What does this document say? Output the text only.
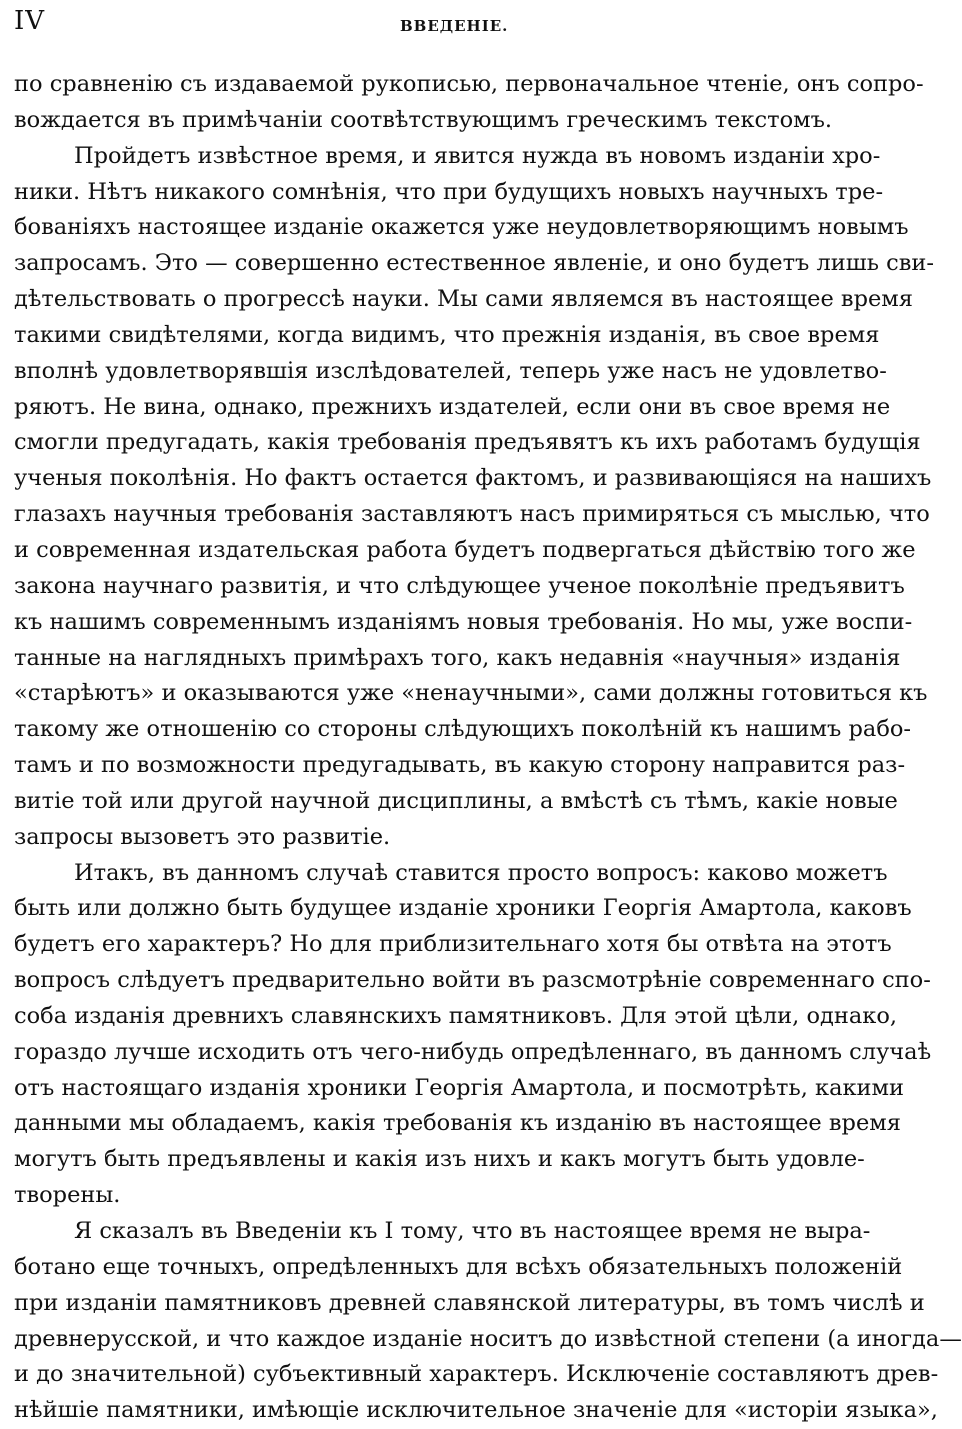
IV	ВВЕДЕНІЕ.
по сравненію съ издаваемой рукописью, первоначальное чтеніе, онъ сопро-
вождается въ примѣчаніи соотвѣтствующимъ греческимъ текстомъ.
Пройдетъ извѣстное время, и явится нужда въ новомъ изданіи хро-
ники. Нѣтъ никакого сомнѣнія, что при будущихъ новыхъ научныхъ тре-
бованіяхъ настоящее изданіе окажется уже неудовлетворяющимъ новымъ
запросамъ. Это — совершенно естественное явленіе, и оно будетъ лишь сви-
дѣтельствовать о прогрессѣ науки. Мы сами являемся въ настоящее время
такими свидѣтелями, когда видимъ, что прежнія изданія, въ свое время
вполнѣ удовлетворявшія изслѣдователей, теперь уже насъ не удовлетво-
ряютъ. Не вина, однако, прежнихъ издателей, если они въ свое время не
смогли предугадать, какія требованія предъявятъ къ ихъ работамъ будущія
ученыя поколѣнія. Но фактъ остается фактомъ, и развивающіяся на нашихъ
глазахъ научныя требованія заставляютъ насъ примиряться съ мыслью, что
и современная издательская работа будетъ подвергаться дѣйствію того же
закона научнаго развитія, и что слѣдующее ученое поколѣніе предъявитъ
къ нашимъ современнымъ изданіямъ новыя требованія. Но мы, уже воспи-
танные на наглядныхъ примѣрахъ того, какъ недавнія «научныя» изданія
«старѣютъ» и оказываются уже «ненаучными», сами должны готовиться къ
такому же отношенію со стороны слѣдующихъ поколѣній къ нашимъ рабо-
тамъ и по возможности предугадывать, въ какую сторону направится раз-
витіе той или другой научной дисциплины, а вмѣстѣ съ тѣмъ, какіе новые
запросы вызоветъ это развитіе.
Итакъ, въ данномъ случаѣ ставится просто вопросъ: каково можетъ
быть или должно быть будущее изданіе хроники Георгія Амартола, каковъ
будетъ его характеръ? Но для приблизительнаго хотя бы отвѣта на этотъ
вопросъ слѣдуетъ предварительно войти въ разсмотрѣніе современнаго спо-
соба изданія древнихъ славянскихъ памятниковъ. Для этой цѣли, однако,
гораздо лучше исходить отъ чего-нибудь опредѣленнаго, въ данномъ случаѣ
отъ настоящаго изданія хроники Георгія Амартола, и посмотрѣть, какими
данными мы обладаемъ, какія требованія къ изданію въ настоящее время
могутъ быть предъявлены и какія изъ нихъ и какъ могутъ быть удовле-
творены.
Я сказалъ въ Введеніи къ I тому, что въ настоящее время не выра-
ботано еще точныхъ, опредѣленныхъ для всѣхъ обязательныхъ положеній
при изданіи памятниковъ древней славянской литературы, въ томъ числѣ и
древнерусской, и что каждое изданіе носитъ до извѣстной степени (а иногда—
и до значительной) субъективный характеръ. Исключеніе составляютъ древ-
нѣйшіе памятники, имѣющіе исключительное значеніе для «исторіи языка»,
